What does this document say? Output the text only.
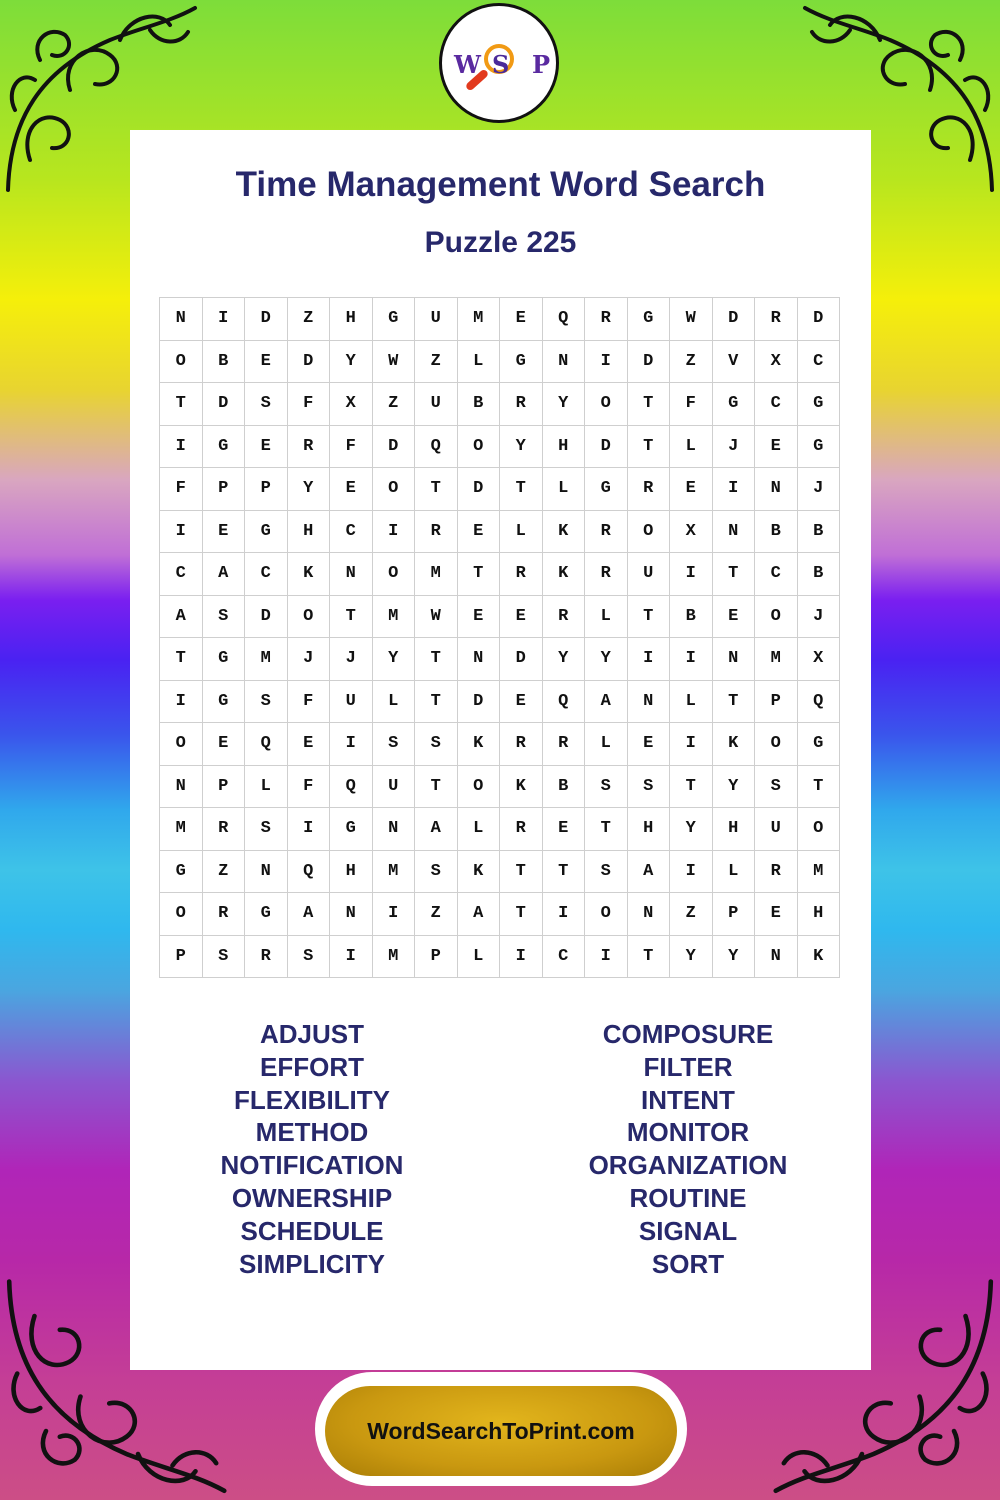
W S P
Time Management Word Search
Puzzle 225
N	I	D	Z	H	G	U	M	E	Q	R	G	W	D	R	D
O	B	E	D	Y	W	Z	L	G	N	I	D	Z	V	X	C
T	D	S	F	X	Z	U	B	R	Y	O	T	F	G	C	G
I	G	E	R	F	D	Q	O	Y	H	D	T	L	J	E	G
F	P	P	Y	E	O	T	D	T	L	G	R	E	I	N	J
I	E	G	H	C	I	R	E	L	K	R	O	X	N	B	B
C	A	C	K	N	O	M	T	R	K	R	U	I	T	C	B
A	S	D	O	T	M	W	E	E	R	L	T	B	E	O	J
T	G	M	J	J	Y	T	N	D	Y	Y	I	I	N	M	X
I	G	S	F	U	L	T	D	E	Q	A	N	L	T	P	Q
O	E	Q	E	I	S	S	K	R	R	L	E	I	K	O	G
N	P	L	F	Q	U	T	O	K	B	S	S	T	Y	S	T
M	R	S	I	G	N	A	L	R	E	T	H	Y	H	U	O
G	Z	N	Q	H	M	S	K	T	T	S	A	I	L	R	M
O	R	G	A	N	I	Z	A	T	I	O	N	Z	P	E	H
P	S	R	S	I	M	P	L	I	C	I	T	Y	Y	N	K
ADJUST
EFFORT
FLEXIBILITY
METHOD
NOTIFICATION
OWNERSHIP
SCHEDULE
SIMPLICITY
COMPOSURE
FILTER
INTENT
MONITOR
ORGANIZATION
ROUTINE
SIGNAL
SORT
WordSearchToPrint.com
